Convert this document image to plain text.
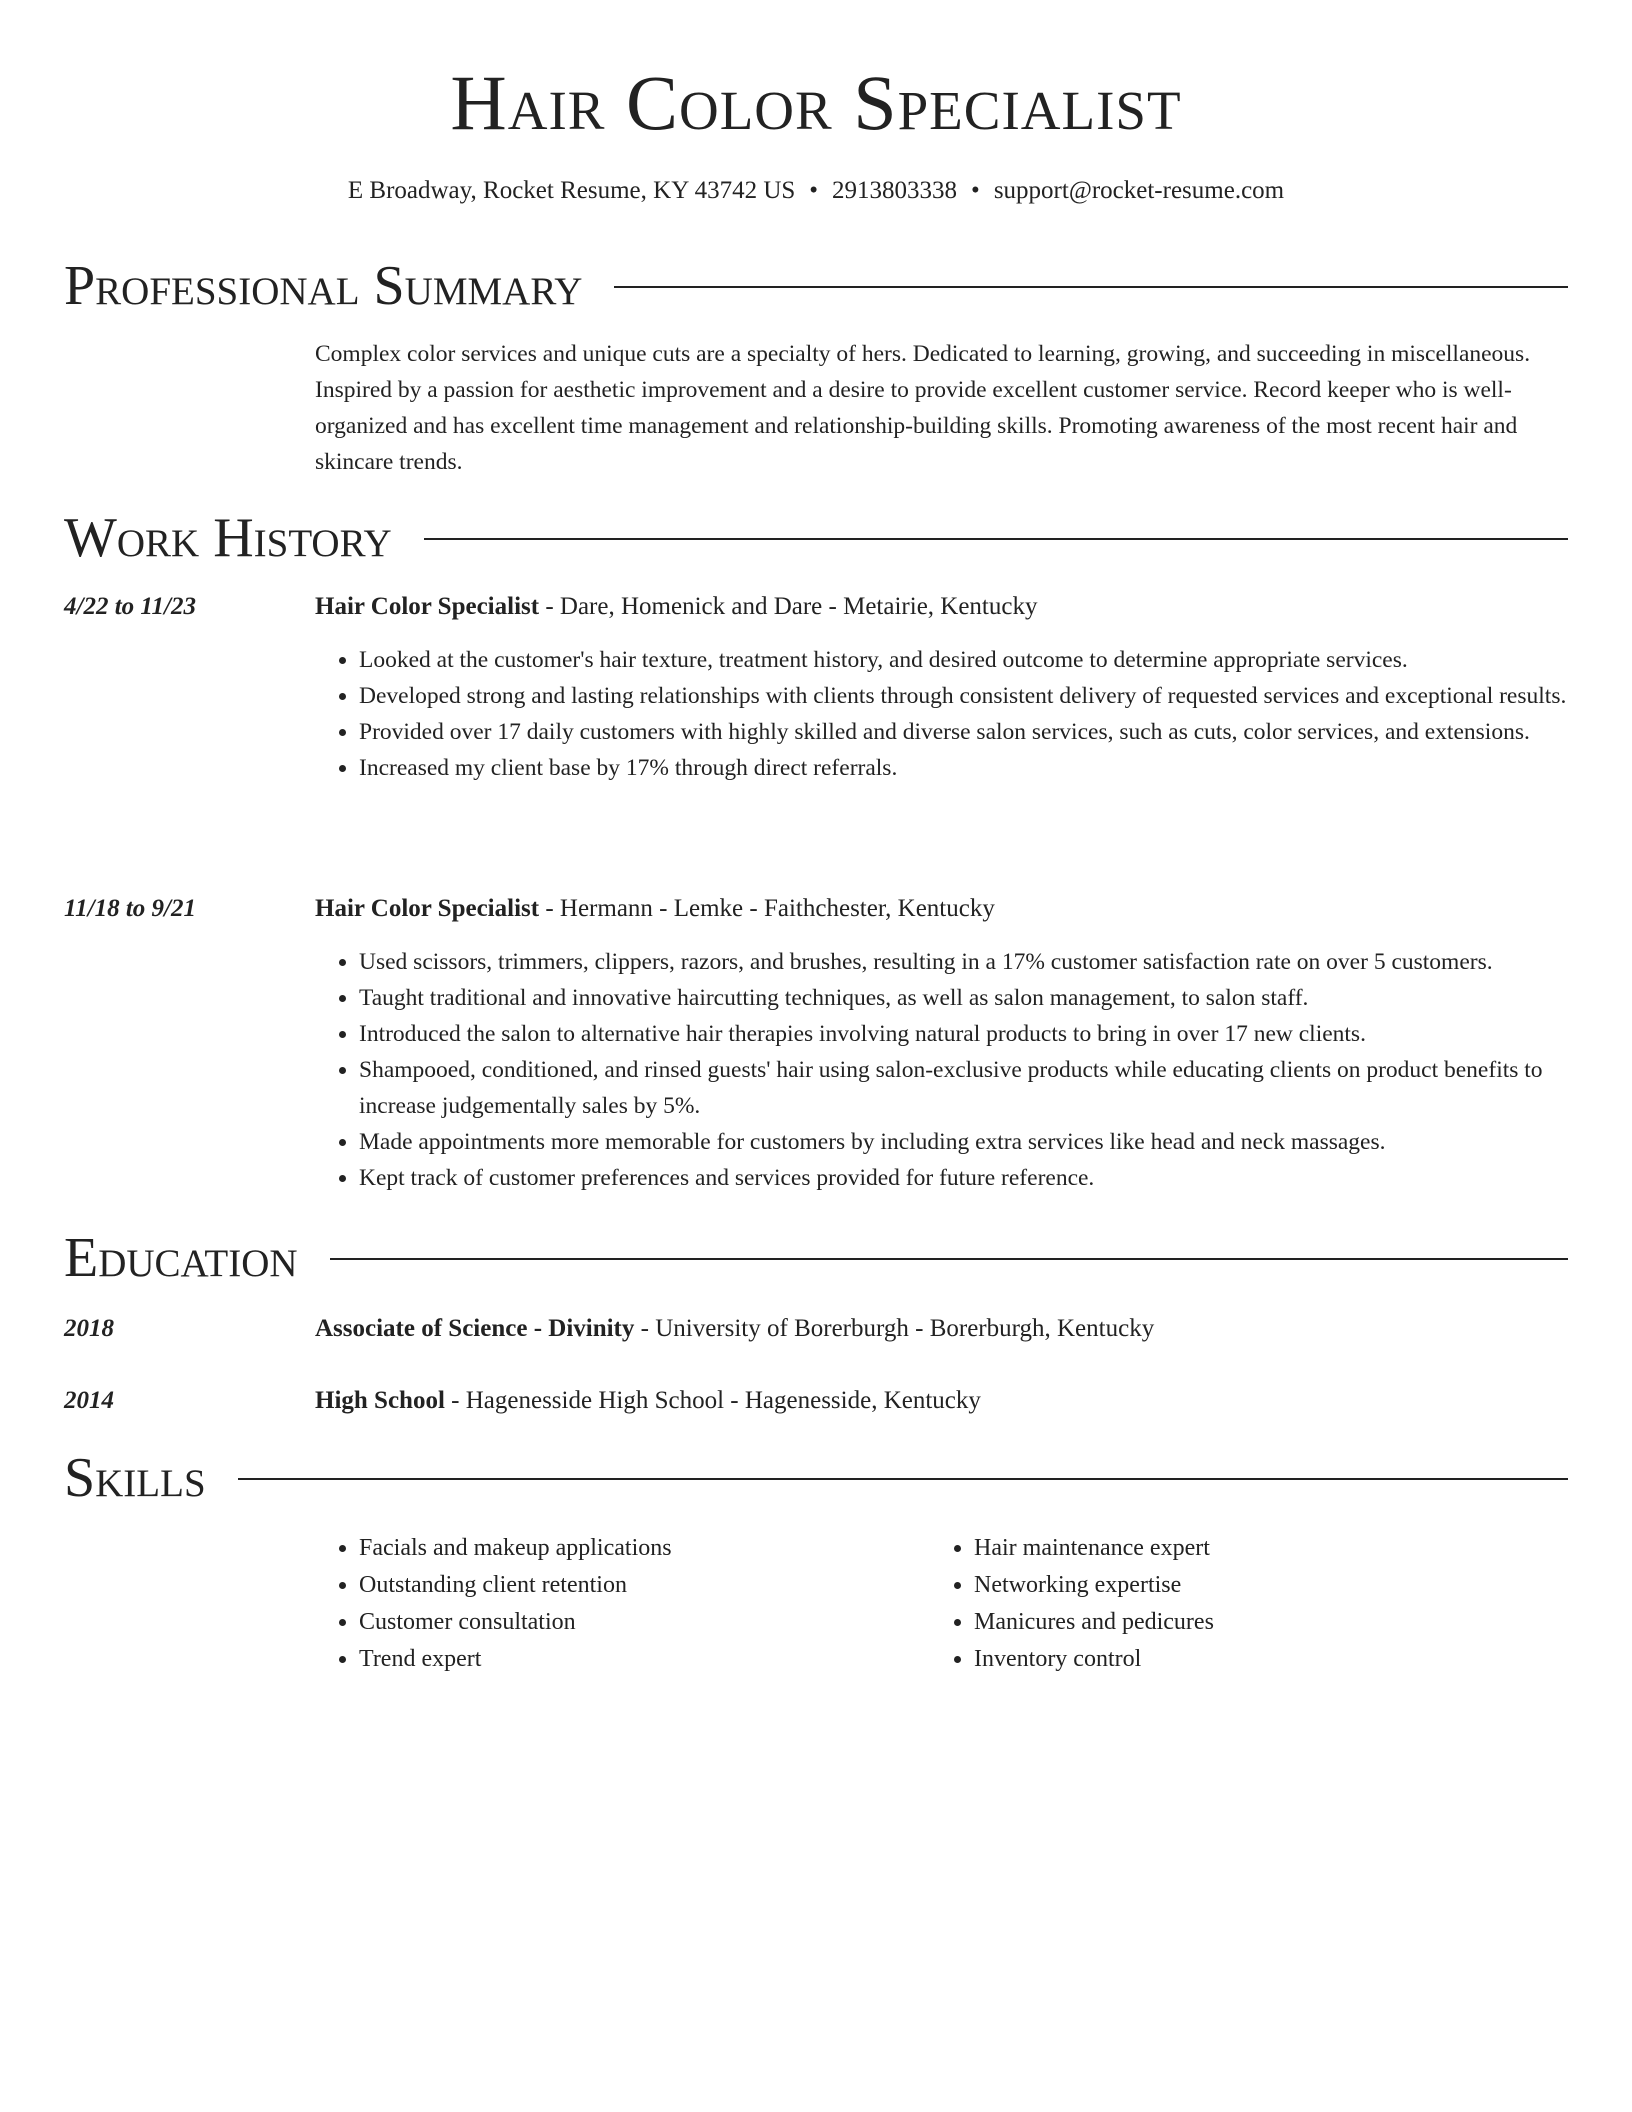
Hair Color Specialist
E Broadway, Rocket Resume, KY 43742 US • 2913803338 • support@rocket-resume.com
Professional Summary
Complex color services and unique cuts are a specialty of hers. Dedicated to learning, growing, and succeeding in miscellaneous. Inspired by a passion for aesthetic improvement and a desire to provide excellent customer service. Record keeper who is well-organized and has excellent time management and relationship-building skills. Promoting awareness of the most recent hair and skincare trends.
Work History
4/22 to 11/23	Hair Color Specialist - Dare, Homenick and Dare - Metairie, Kentucky
• Looked at the customer's hair texture, treatment history, and desired outcome to determine appropriate services.
• Developed strong and lasting relationships with clients through consistent delivery of requested services and exceptional results.
• Provided over 17 daily customers with highly skilled and diverse salon services, such as cuts, color services, and extensions.
• Increased my client base by 17% through direct referrals.
11/18 to 9/21	Hair Color Specialist - Hermann - Lemke - Faithchester, Kentucky
• Used scissors, trimmers, clippers, razors, and brushes, resulting in a 17% customer satisfaction rate on over 5 customers.
• Taught traditional and innovative haircutting techniques, as well as salon management, to salon staff.
• Introduced the salon to alternative hair therapies involving natural products to bring in over 17 new clients.
• Shampooed, conditioned, and rinsed guests' hair using salon-exclusive products while educating clients on product benefits to increase judgementally sales by 5%.
• Made appointments more memorable for customers by including extra services like head and neck massages.
• Kept track of customer preferences and services provided for future reference.
Education
2018	Associate of Science - Divinity - University of Borerburgh - Borerburgh, Kentucky
2014	High School - Hagenesside High School - Hagenesside, Kentucky
Skills
• Facials and makeup applications
• Outstanding client retention
• Customer consultation
• Trend expert
• Hair maintenance expert
• Networking expertise
• Manicures and pedicures
• Inventory control
